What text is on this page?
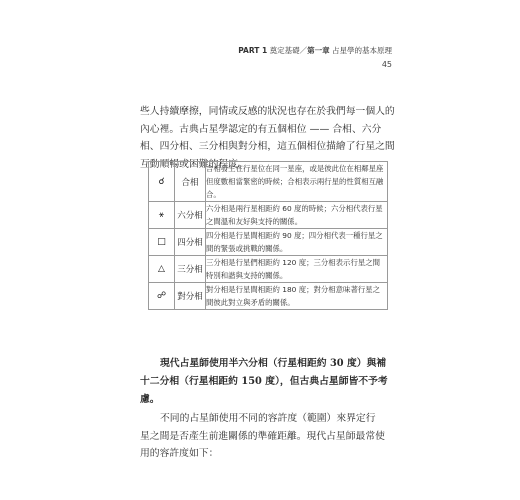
PART 1 奠定基礎／第一章 占星學的基本原理
45

些人持續摩擦，同情或反感的狀況也存在於我們每一個人的內心裡。古典占星學認定的有五個相位 —— 合相、六分相、四分相、三分相與對分相，這五個相位描繪了行星之間互動順暢或困難的程度。

☌	合相	合相發生在行星位在同一星座，或是彼此位在相鄰星座但度數相當緊密的時候；合相表示兩行星的性質相互融合。
⚹	六分相	六分相是兩行星相距約 60 度的時候；六分相代表行星之間溫和友好與支持的關係。
□	四分相	四分相是行星間相距約 90 度；四分相代表一種行星之間的緊張或挑戰的關係。
△	三分相	三分相是行星們相距約 120 度；三分相表示行星之間特別和諧與支持的關係。
☍	對分相	對分相是行星間相距約 180 度；對分相意味著行星之間彼此對立與矛盾的關係。

現代占星師使用半六分相（行星相距約 30 度）與補十二分相（行星相距約 150 度），但古典占星師皆不予考慮。

不同的占星師使用不同的容許度（範圍）來界定行星之間是否產生前進關係的準確距離。現代占星師最常使用的容許度如下：
